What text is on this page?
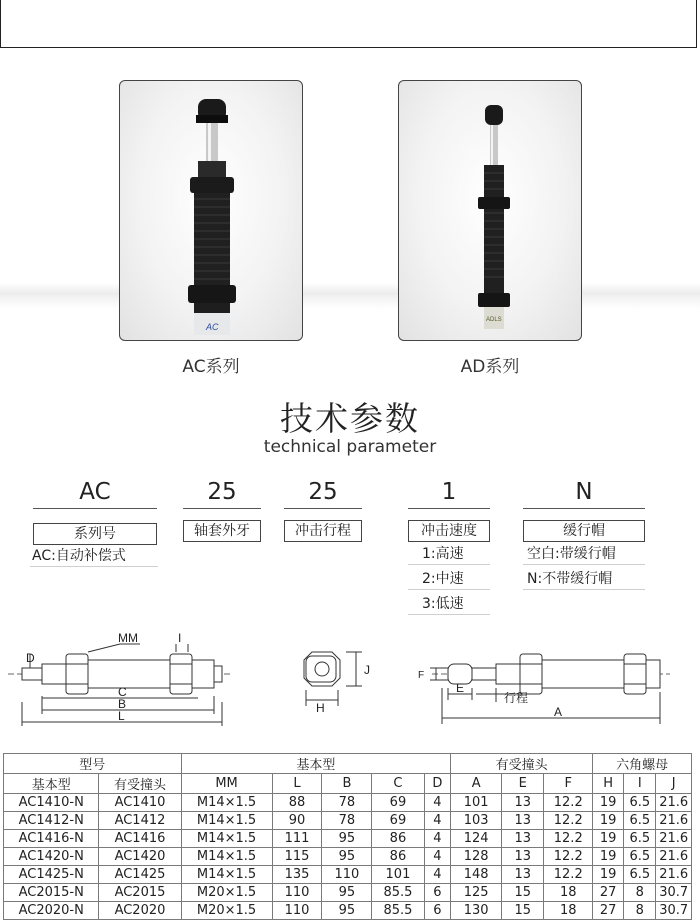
AC
ADLS
AC系列	AD系列
技术参数
technical parameter
AC
系列号
AC:自动补偿式
25
轴套外牙
25
冲击行程
1
冲击速度
1:高速
2:中速
3:低速
N
缓行帽
空白:带缓行帽
N:不带缓行帽
D
MM	I
C
B
L
J
H
F
E
行程
A
型号		基本型					有受撞头			六角螺母		
基本型	有受撞头	MM	L	B	C	D	A	E	F	H	I	J
AC1410-N	AC1410	M14×1.5	88	78	69	4	101	13	12.2	19	6.5	21.6
AC1412-N	AC1412	M14×1.5	90	78	69	4	103	13	12.2	19	6.5	21.6
AC1416-N	AC1416	M14×1.5	111	95	86	4	124	13	12.2	19	6.5	21.6
AC1420-N	AC1420	M14×1.5	115	95	86	4	128	13	12.2	19	6.5	21.6
AC1425-N	AC1425	M14×1.5	135	110	101	4	148	13	12.2	19	6.5	21.6
AC2015-N	AC2015	M20×1.5	110	95	85.5	6	125	15	18	27	8	30.7
AC2020-N	AC2020	M20×1.5	110	95	85.5	6	130	15	18	27	8	30.7
